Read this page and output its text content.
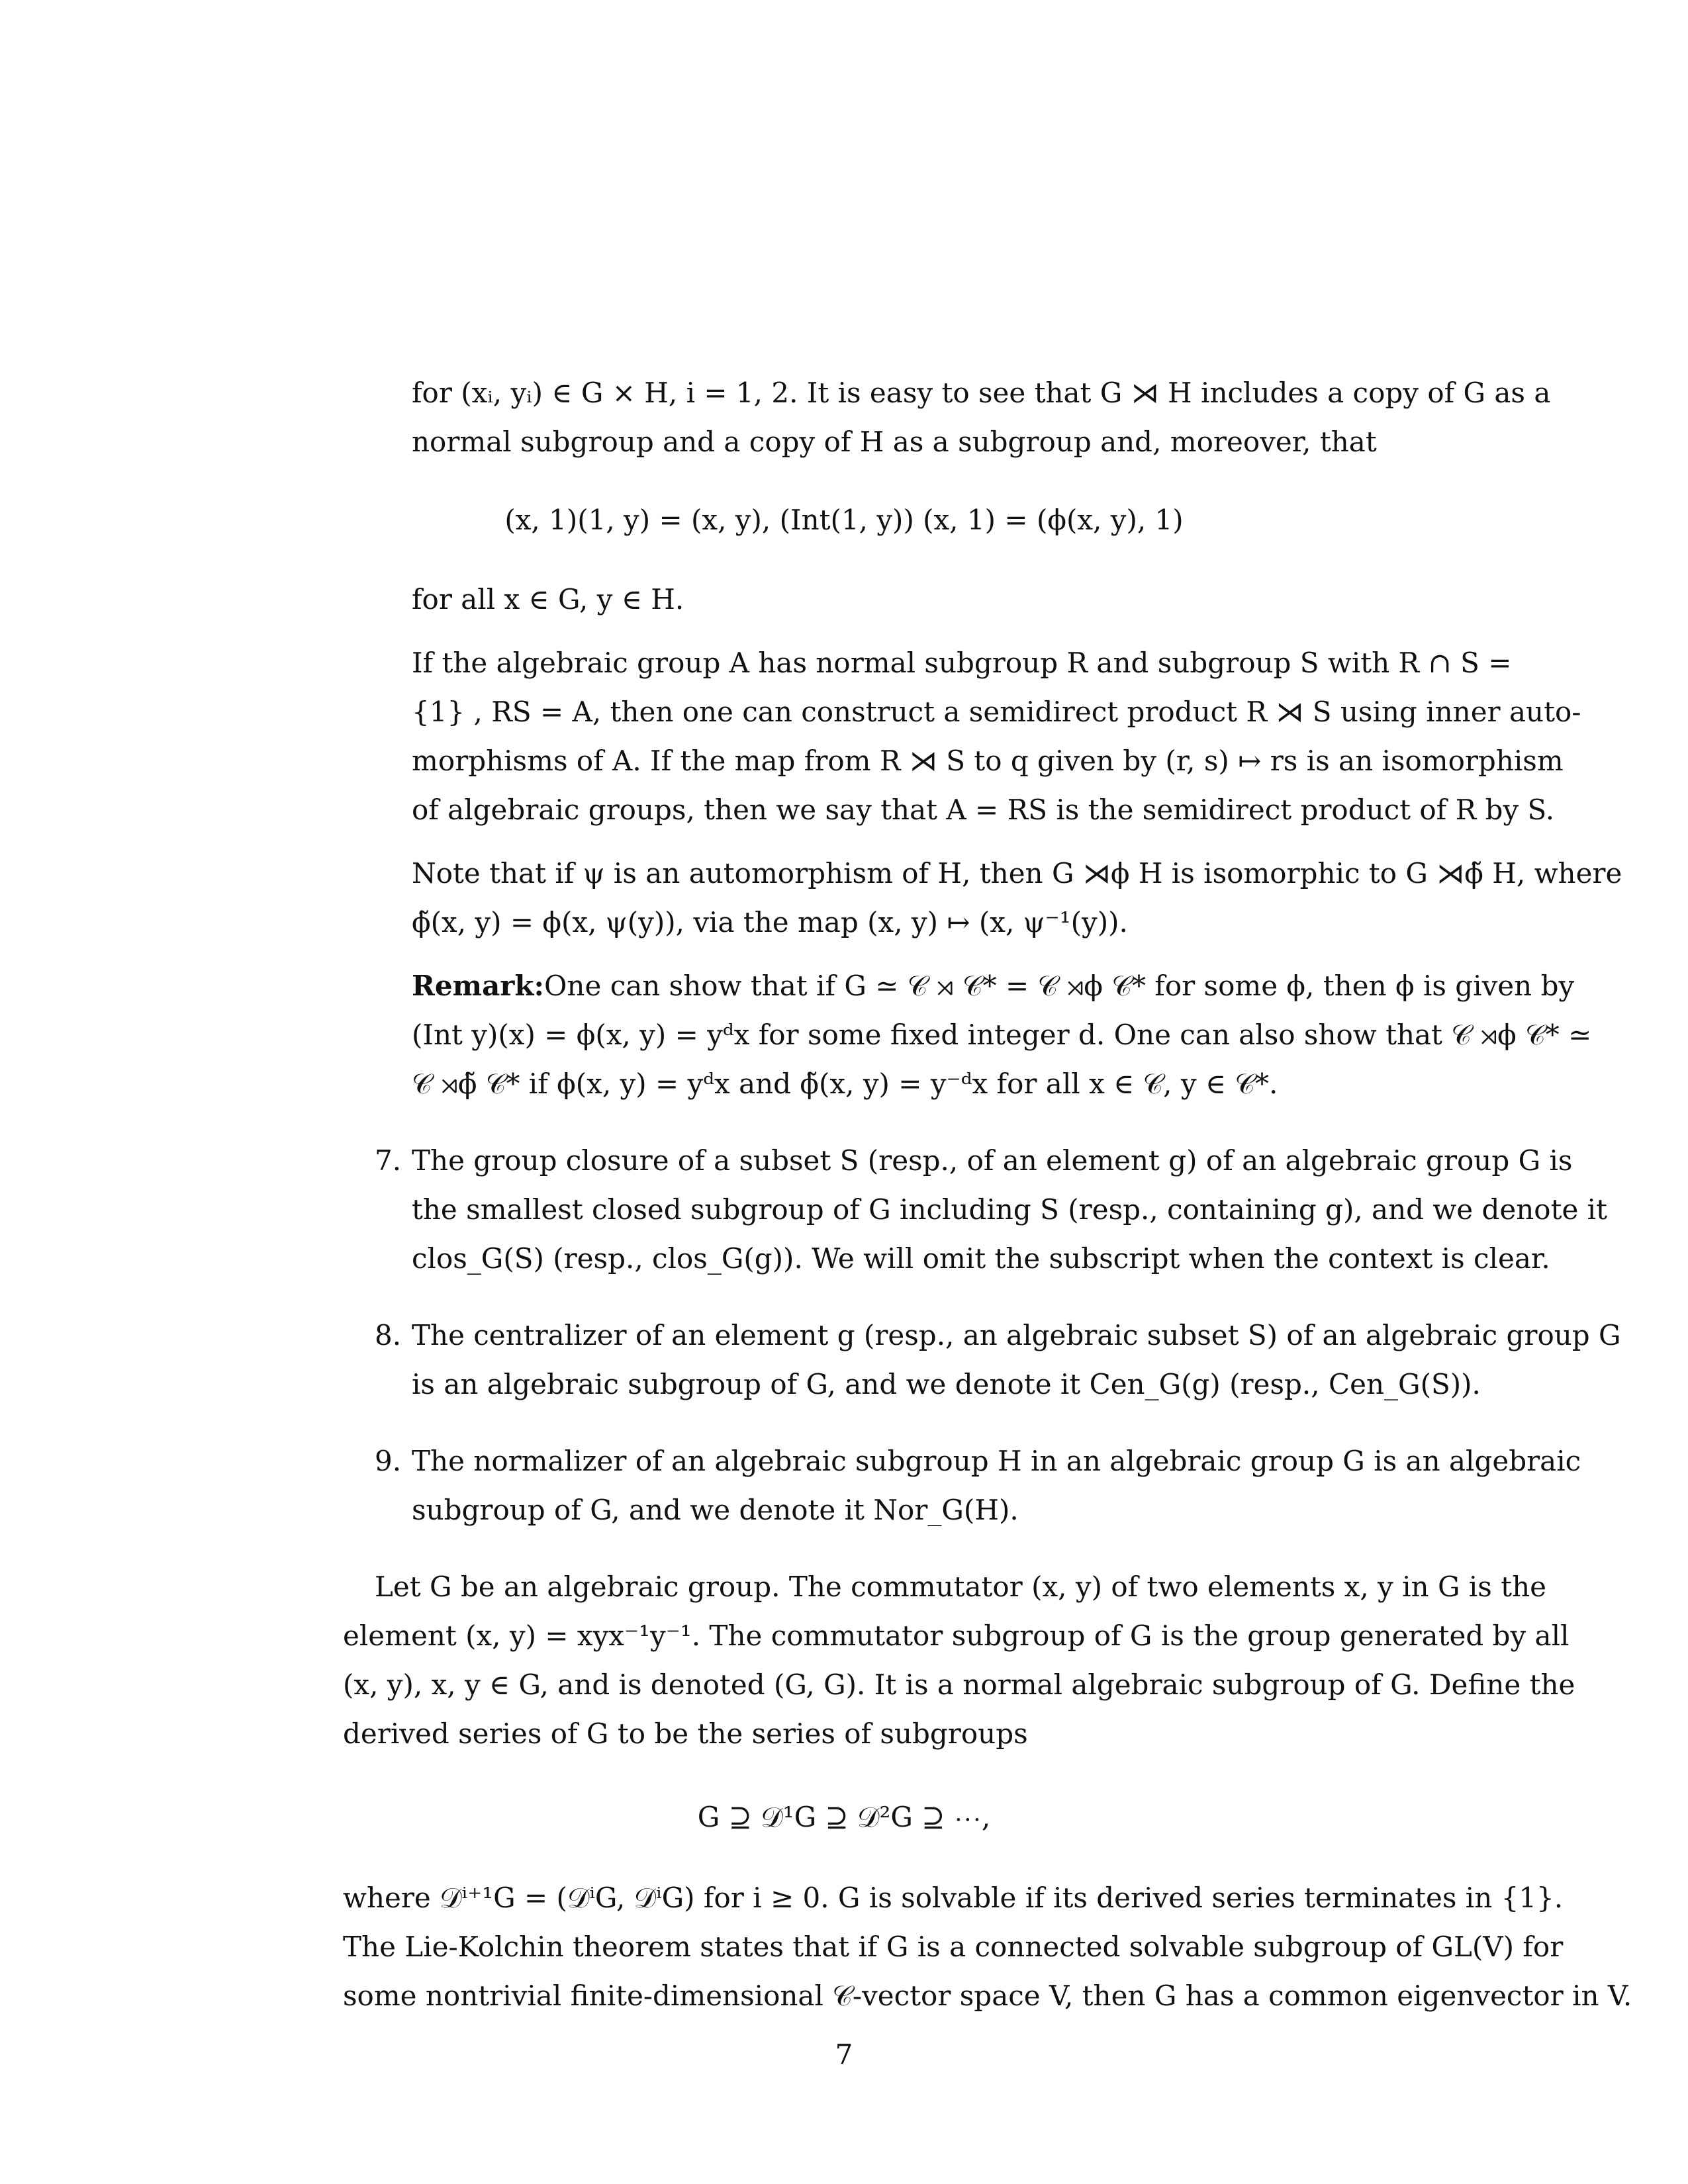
for (xᵢ, yᵢ) ∈ G × H, i = 1, 2. It is easy to see that G ⋊ H includes a copy of G as a
normal subgroup and a copy of H as a subgroup and, moreover, that
(x, 1)(1, y) = (x, y), (Int(1, y)) (x, 1) = (ϕ(x, y), 1)
for all x ∈ G, y ∈ H.
If the algebraic group A has normal subgroup R and subgroup S with R ∩ S =
{1} , RS = A, then one can construct a semidirect product R ⋊ S using inner auto-
morphisms of A. If the map from R ⋊ S to q given by (r, s) ↦ rs is an isomorphism
of algebraic groups, then we say that A = RS is the semidirect product of R by S.
Note that if ψ is an automorphism of H, then G ⋊ϕ H is isomorphic to G ⋊ϕ̃ H, where
ϕ̃(x, y) = ϕ(x, ψ(y)), via the map (x, y) ↦ (x, ψ⁻¹(y)).
Remark: One can show that if G ≃ 𝒞 ⋊ 𝒞* = 𝒞 ⋊ϕ 𝒞* for some ϕ, then ϕ is given by
(Int y)(x) = ϕ(x, y) = yᵈx for some fixed integer d. One can also show that 𝒞 ⋊ϕ 𝒞* ≃
𝒞 ⋊ϕ̃ 𝒞* if ϕ(x, y) = yᵈx and ϕ̃(x, y) = y⁻ᵈx for all x ∈ 𝒞, y ∈ 𝒞*.
7. The group closure of a subset S (resp., of an element g) of an algebraic group G is
the smallest closed subgroup of G including S (resp., containing g), and we denote it
clos_G(S) (resp., clos_G(g)). We will omit the subscript when the context is clear.
8. The centralizer of an element g (resp., an algebraic subset S) of an algebraic group G
is an algebraic subgroup of G, and we denote it Cen_G(g) (resp., Cen_G(S)).
9. The normalizer of an algebraic subgroup H in an algebraic group G is an algebraic
subgroup of G, and we denote it Nor_G(H).
Let G be an algebraic group. The commutator (x, y) of two elements x, y in G is the
element (x, y) = xyx⁻¹y⁻¹. The commutator subgroup of G is the group generated by all
(x, y), x, y ∈ G, and is denoted (G, G). It is a normal algebraic subgroup of G. Define the
derived series of G to be the series of subgroups
G ⊇ 𝒟¹G ⊇ 𝒟²G ⊇ ⋯,
where 𝒟ⁱ⁺¹G = (𝒟ⁱG, 𝒟ⁱG) for i ≥ 0. G is solvable if its derived series terminates in {1}.
The Lie-Kolchin theorem states that if G is a connected solvable subgroup of GL(V) for
some nontrivial finite-dimensional 𝒞-vector space V, then G has a common eigenvector in V.
7
